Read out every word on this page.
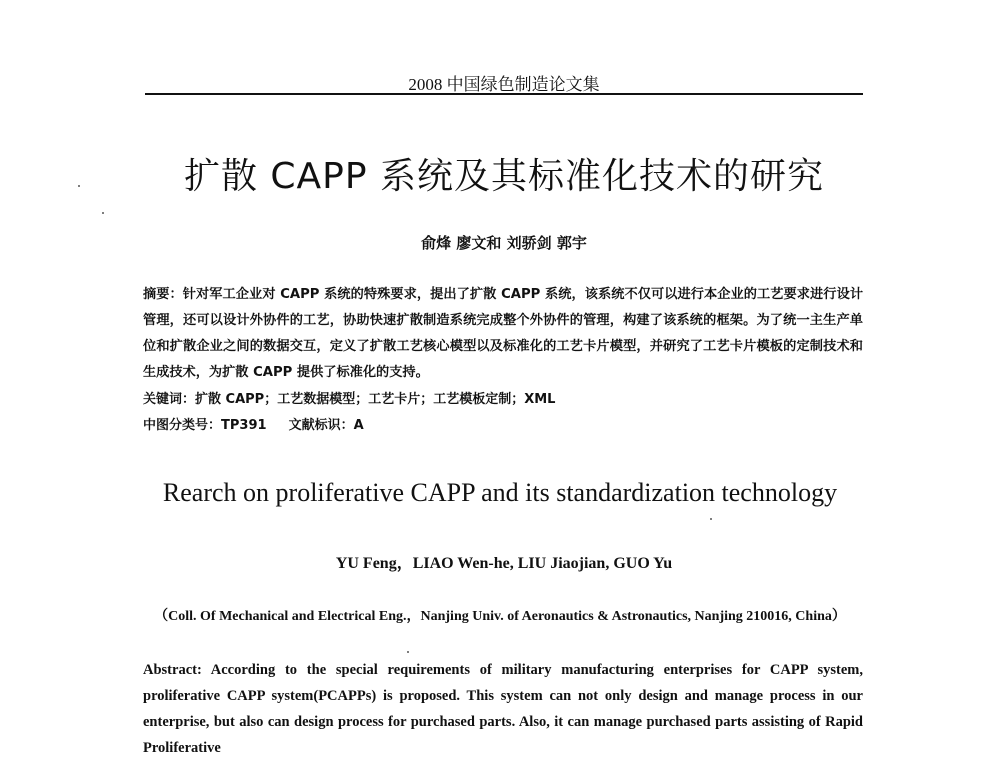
2008 中国绿色制造论文集
扩散 CAPP 系统及其标准化技术的研究
俞烽 廖文和 刘骄剑 郭宇
摘要：针对军工企业对 CAPP 系统的特殊要求，提出了扩散 CAPP 系统，该系统不仅可以进行本企业的工艺要求进行设计管理，还可以设计外协件的工艺，协助快速扩散制造系统完成整个外协件的管理，构建了该系统的框架。为了统一主生产单位和扩散企业之间的数据交互，定义了扩散工艺核心模型以及标准化的工艺卡片模型，并研究了工艺卡片模板的定制技术和生成技术，为扩散 CAPP 提供了标准化的支持。
关键词：扩散 CAPP；工艺数据模型；工艺卡片；工艺模板定制；XML
中图分类号：TP391 文献标识：A
Rearch on proliferative CAPP and its standardization technology
YU Feng，LIAO Wen-he, LIU Jiaojian, GUO Yu
（Coll. Of Mechanical and Electrical Eng.，Nanjing Univ. of Aeronautics & Astronautics, Nanjing 210016, China）
Abstract: According to the special requirements of military manufacturing enterprises for CAPP system, proliferative CAPP system(PCAPPs) is proposed. This system can not only design and manage process in our enterprise, but also can design process for purchased parts. Also, it can manage purchased parts assisting of Rapid Proliferative
